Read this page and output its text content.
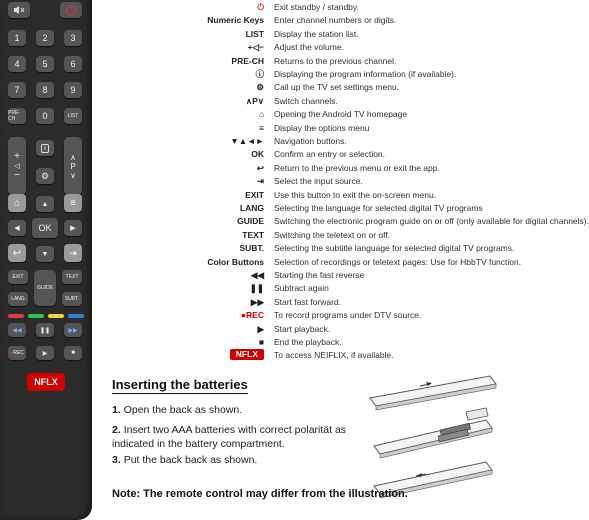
⏻
1	2	3
4	5	6
7	8	9
PRE-CH	0	LIST
+
◁
−
i
⚙
∧
P
∨
⌂	▲ ≡
◀ OK	▶
↩	▼ ⇥
EXIT
GUIDE
TEXT
LANG	SUBT.
◀◀	❚❚	▶▶
● REC	▶	■
NFLX
⏻ Exit standby / standby.
Numeric Keys Enter channel numbers or digits.
LIST Display the station list.
+◁− Adjust the volume.
PRE-CH Returns to the previous channel.
ⓘ Displaying the program information (if available).
⚙ Call up the TV set settings menu.
∧P∨ Switch channels.
⌂ Opening the Android TV homepage
≡ Display the options menu
▼▲◄► Navigation buttons.
OK Confirm an entry or selection.
↩ Return to the previous menu or exit the app.
⇥ Select the input source.
EXIT Use this button to exit the on-screen menu.
LANG Selecting the language for selected digital TV programs
GUIDE Switching the electronic program guide on or off (only available for digital channels).
TEXT Switching the teletext on or off.
SUBT. Selecting the subtitle language for selected digital TV programs.
Color Buttons Selection of recordings or teletext pages: Use for HbbTV function.
◀◀ Starting the fast reverse
❚❚ Subtract again
▶▶ Start fast forward.
●REC To record programs under DTV source.
▶ Start playback.
■ End the playback.
NFLX	To access NEIFLIX, if available.
Inserting the batteries
1. Open the back as shown.
2. Insert two AAA batteries with correct polarität as indicated in the battery compartment.
3. Put the back back as shown.
Note: The remote control may differ from the illustration.
